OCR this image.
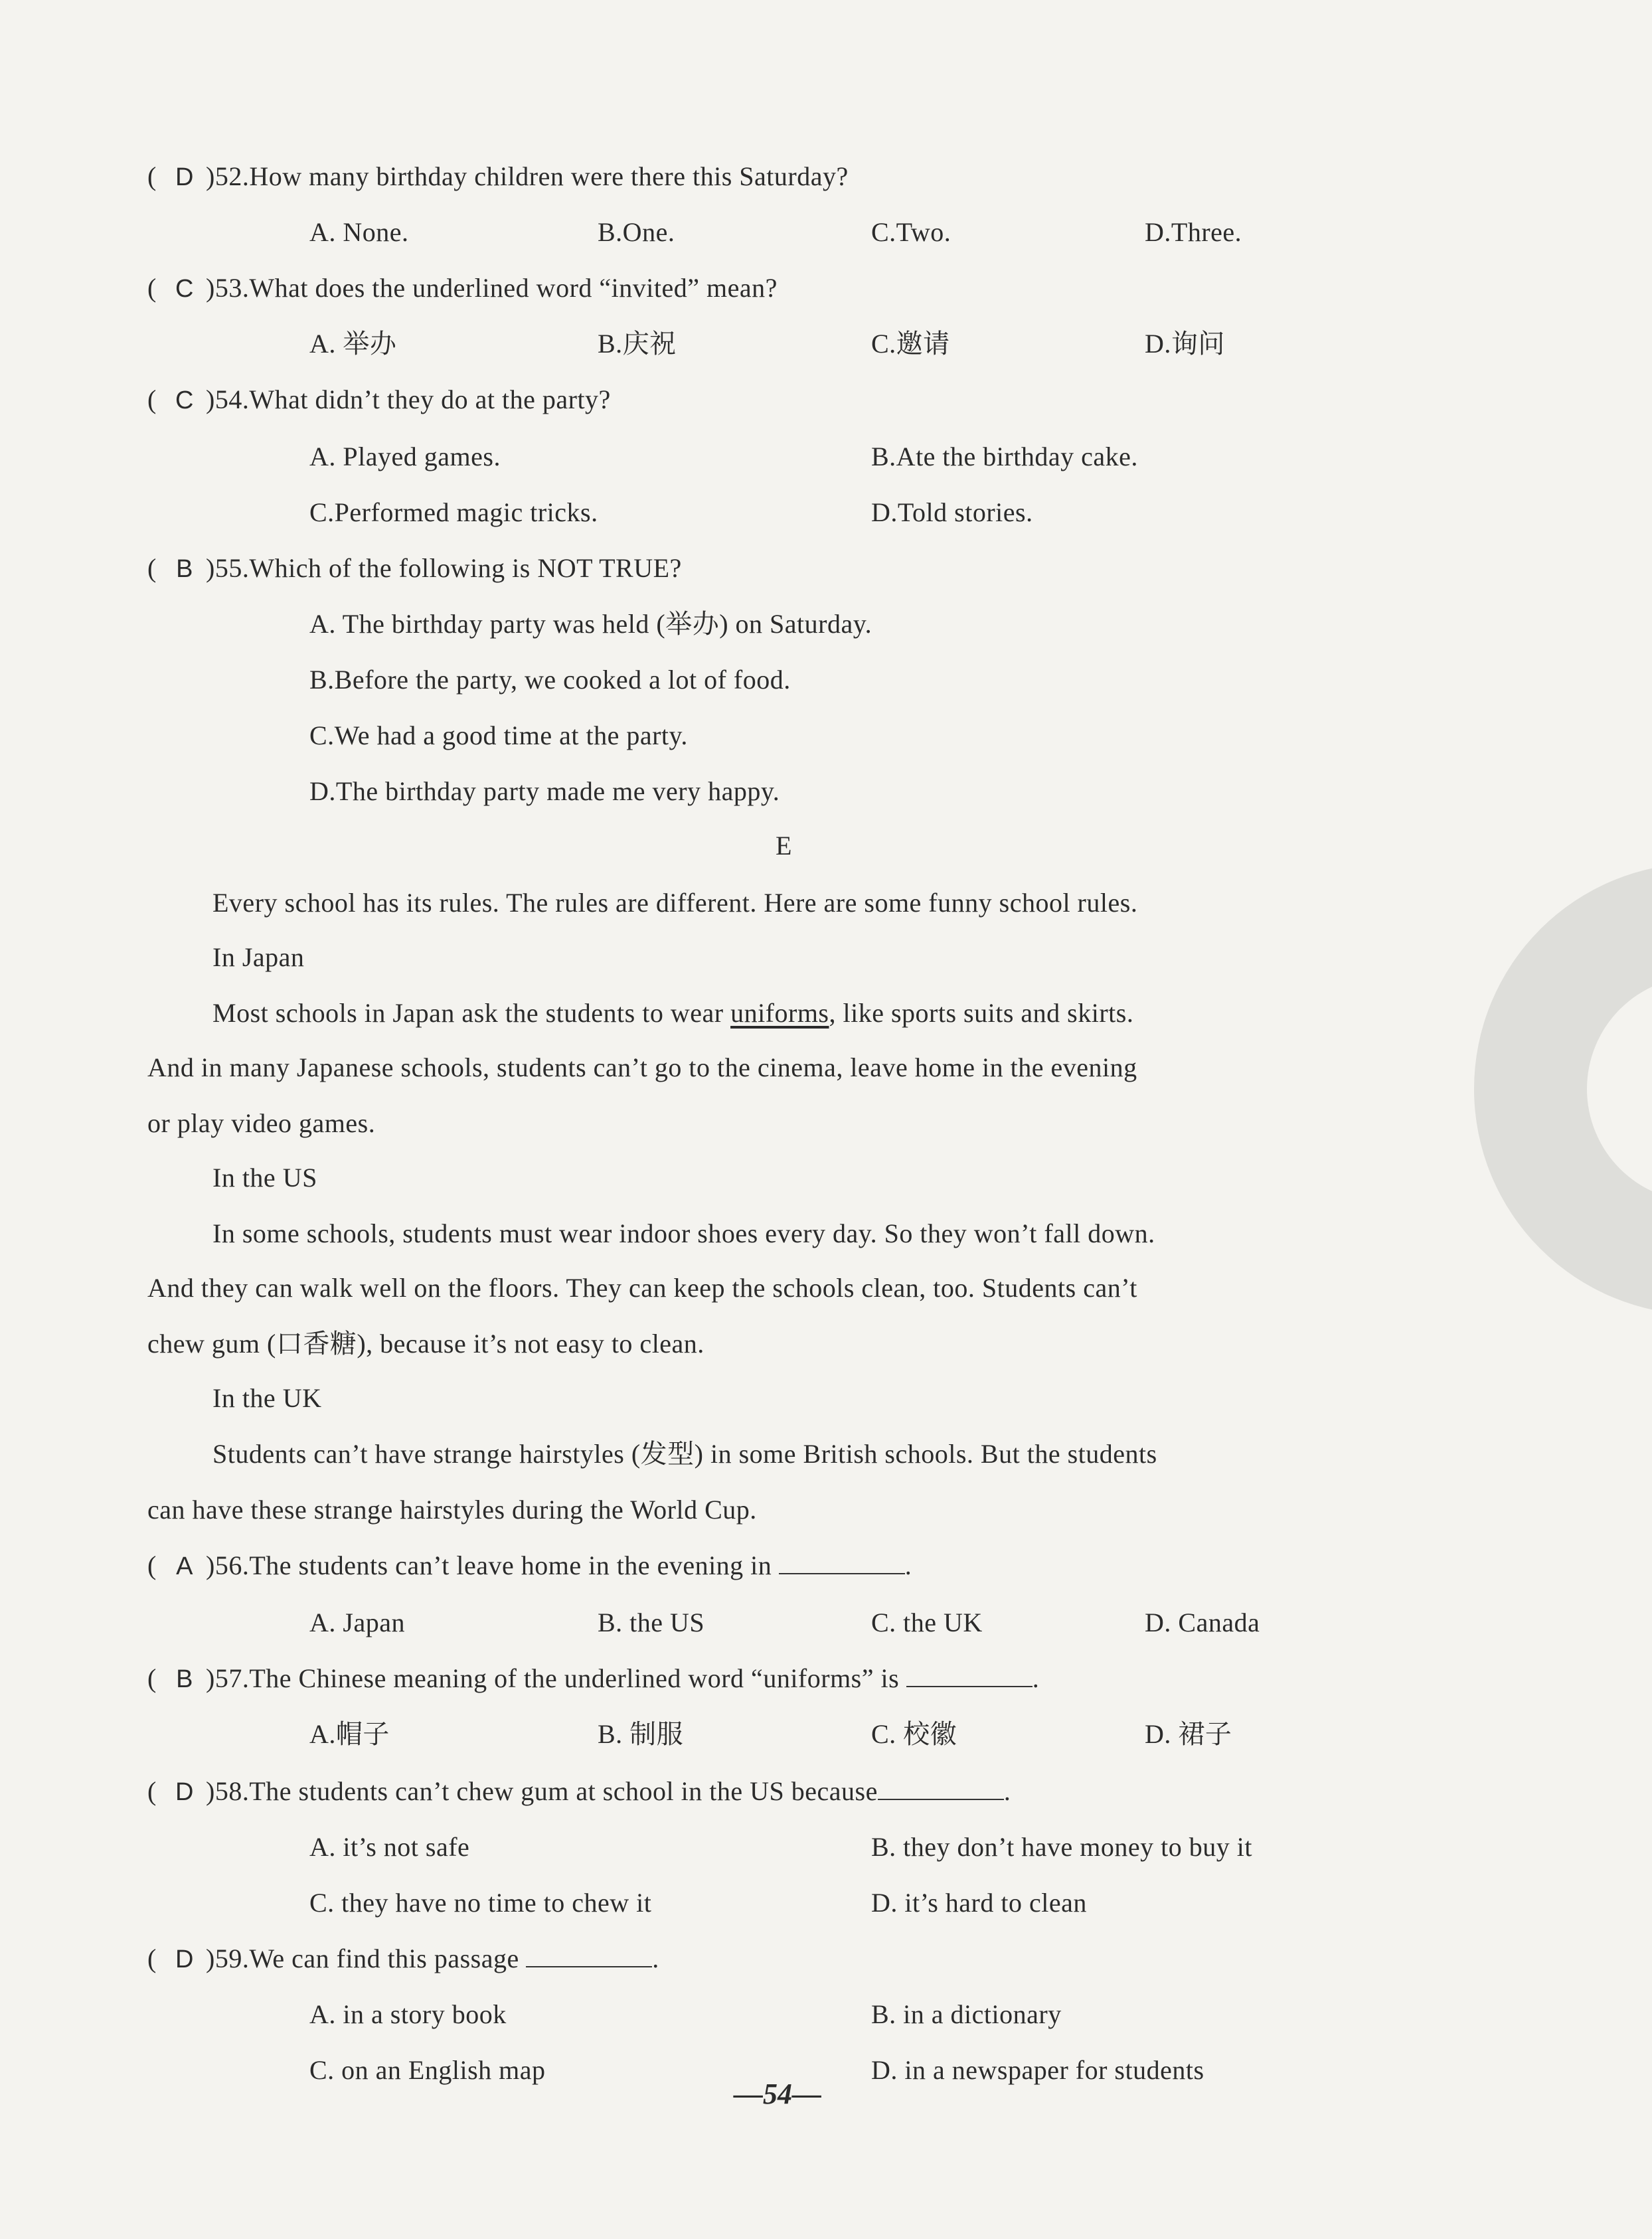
( D )52.How many birthday children were there this Saturday?
A. None.	B.One.	C.Two.	D.Three.
( C )53.What does the underlined word “invited” mean?
A. 举办	B.庆祝	C.邀请	D.询问
( C )54.What didn’t they do at the party?
A. Played games.	B.Ate the birthday cake.
C.Performed magic tricks.	D.Told stories.
( B )55.Which of the following is NOT TRUE?
A. The birthday party was held (举办) on Saturday.
B.Before the party, we cooked a lot of food.
C.We had a good time at the party.
D.The birthday party made me very happy.
E
Every school has its rules. The rules are different. Here are some funny school rules.
In Japan
Most schools in Japan ask the students to wear uniforms, like sports suits and skirts.
And in many Japanese schools, students can’t go to the cinema, leave home in the evening
or play video games.
In the US
In some schools, students must wear indoor shoes every day. So they won’t fall down.
And they can walk well on the floors. They can keep the schools clean, too. Students can’t
chew gum (口香糖), because it’s not easy to clean.
In the UK
Students can’t have strange hairstyles (发型) in some British schools. But the students
can have these strange hairstyles during the World Cup.
( A )56.The students can’t leave home in the evening in	.
A. Japan	B. the US	C. the UK	D. Canada
( B )57.The Chinese meaning of the underlined word “uniforms” is	.
A.帽子	B. 制服	C. 校徽	D. 裙子
( D )58.The students can’t chew gum at school in the US because	.
A. it’s not safe	B. they don’t have money to buy it
C. they have no time to chew it	D. it’s hard to clean
( D )59.We can find this passage	.
A. in a story book	B. in a dictionary
C. on an English map	D. in a newspaper for students
—54—
